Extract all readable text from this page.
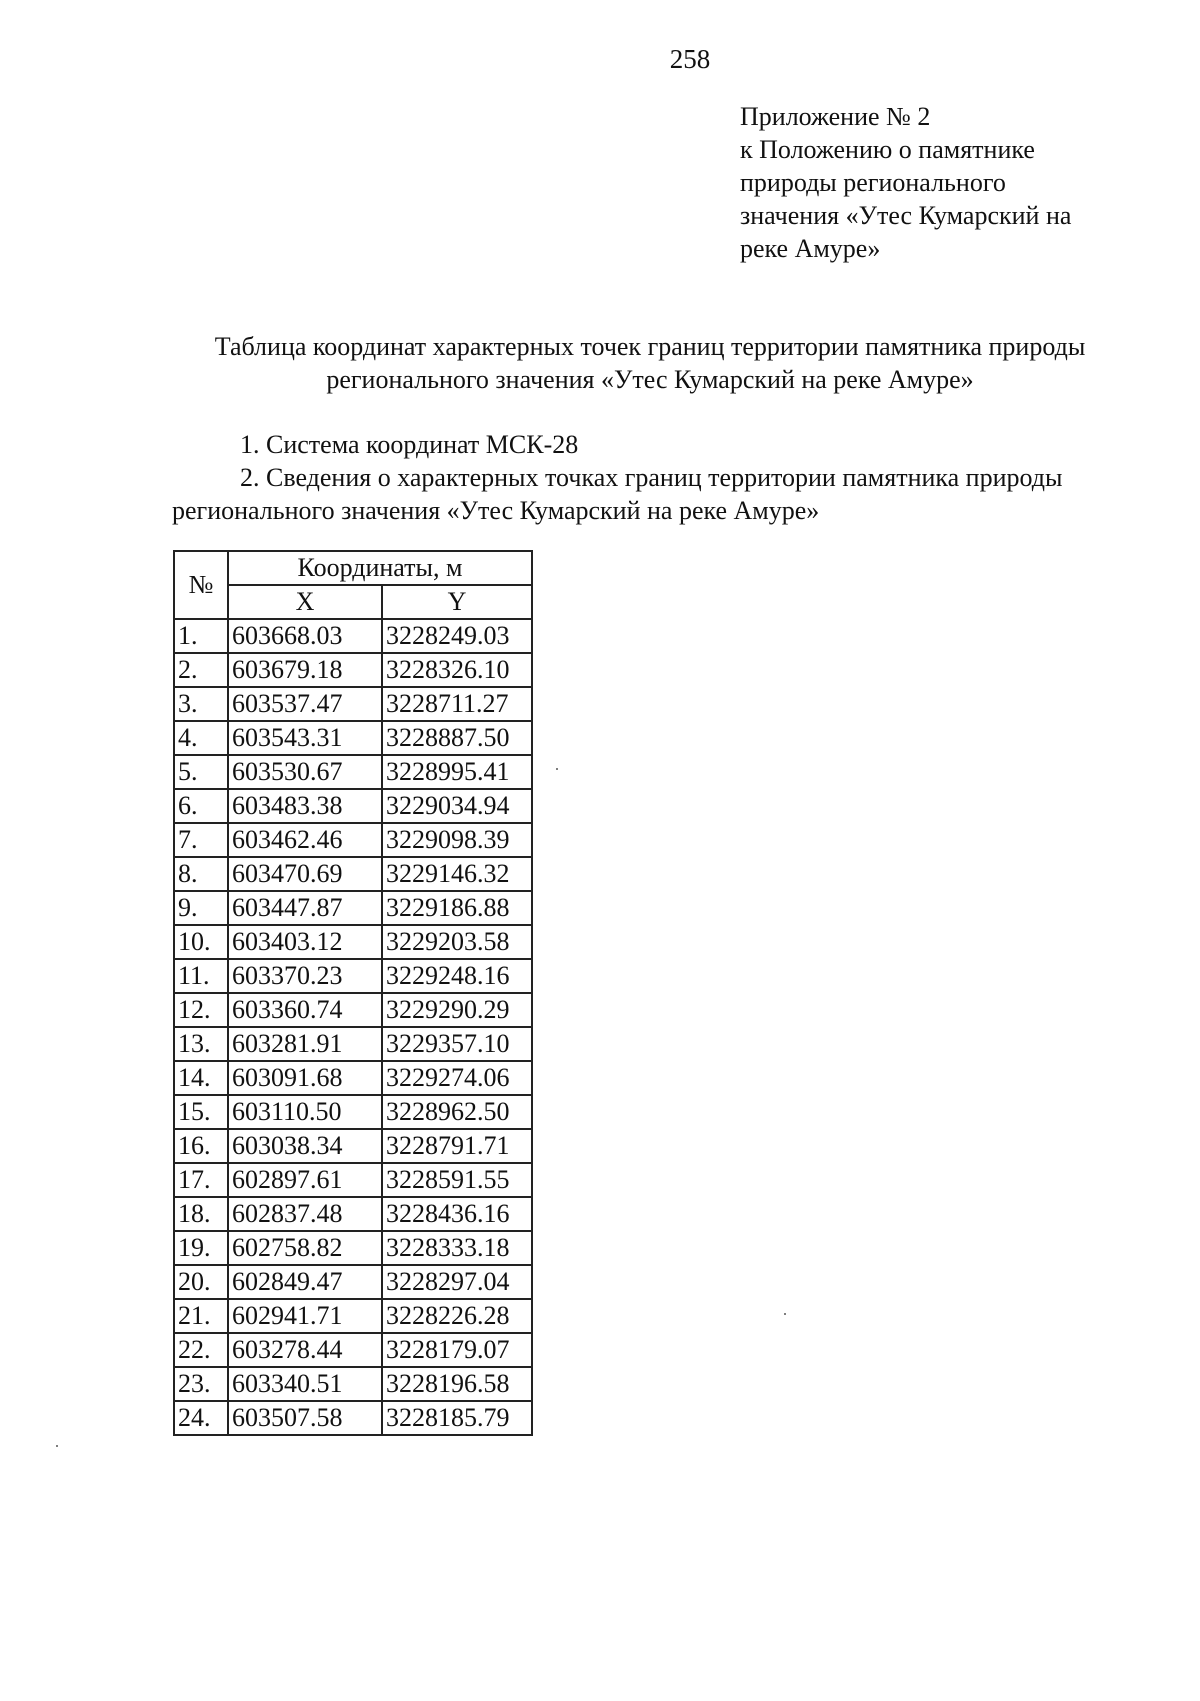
258
Приложение № 2
к Положению о памятнике
природы регионального
значения «Утес Кумарский на
реке Амуре»
Таблица координат характерных точек границ территории памятника природы
регионального значения «Утес Кумарский на реке Амуре»
1. Система координат МСК-28
2. Сведения о характерных точках границ территории памятника природы регионального значения «Утес Кумарский на реке Амуре»
№	Координаты, м	
	X	Y
1.	603668.03	3228249.03
2.	603679.18	3228326.10
3.	603537.47	3228711.27
4.	603543.31	3228887.50
5.	603530.67	3228995.41
6.	603483.38	3229034.94
7.	603462.46	3229098.39
8.	603470.69	3229146.32
9.	603447.87	3229186.88
10.	603403.12	3229203.58
11.	603370.23	3229248.16
12.	603360.74	3229290.29
13.	603281.91	3229357.10
14.	603091.68	3229274.06
15.	603110.50	3228962.50
16.	603038.34	3228791.71
17.	602897.61	3228591.55
18.	602837.48	3228436.16
19.	602758.82	3228333.18
20.	602849.47	3228297.04
21.	602941.71	3228226.28
22.	603278.44	3228179.07
23.	603340.51	3228196.58
24.	603507.58	3228185.79
